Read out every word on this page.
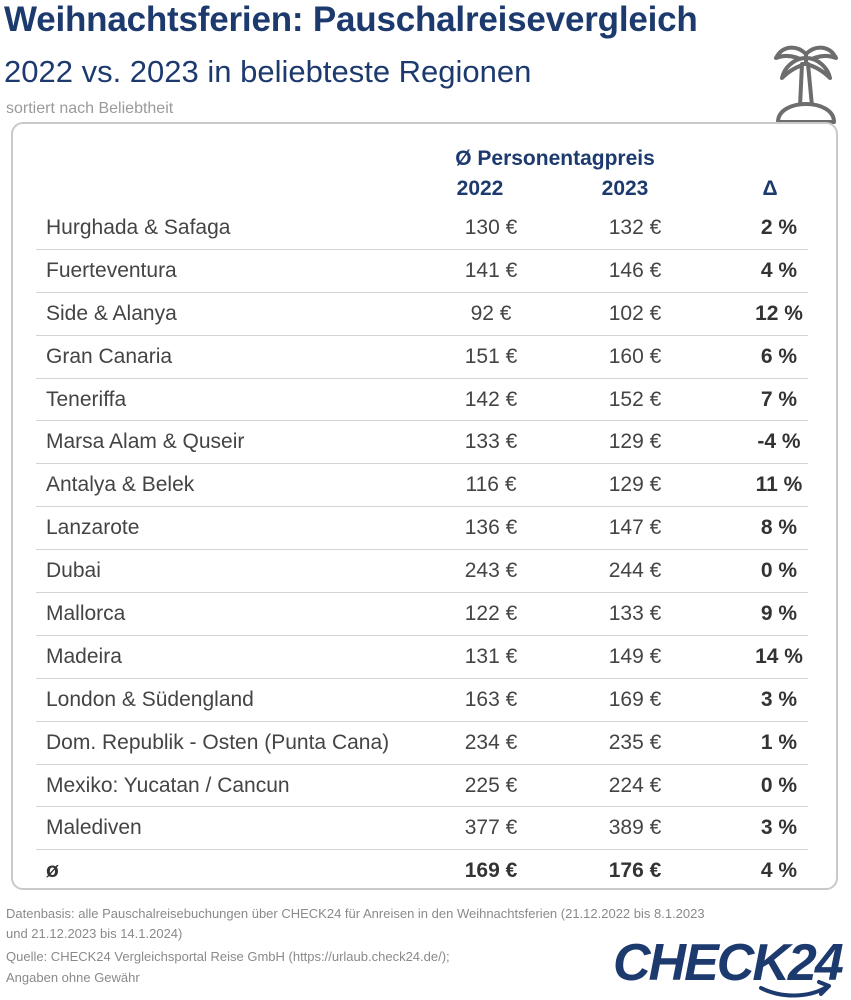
Weihnachtsferien: Pauschalreisevergleich
2022 vs. 2023 in beliebteste Regionen
sortiert nach Beliebtheit
Ø Personentagpreis
2022	2023	Δ
Hurghada & Safaga	130 €	132 €	2 %
Fuerteventura	141 €	146 €	4 %
Side & Alanya	92 €	102 €	12 %
Gran Canaria	151 €	160 €	6 %
Teneriffa	142 €	152 €	7 %
Marsa Alam & Quseir	133 €	129 €	-4 %
Antalya & Belek	116 €	129 €	11 %
Lanzarote	136 €	147 €	8 %
Dubai	243 €	244 €	0 %
Mallorca	122 €	133 €	9 %
Madeira	131 €	149 €	14 %
London & Südengland	163 €	169 €	3 %
Dom. Republik - Osten (Punta Cana)	234 €	235 €	1 %
Mexiko: Yucatan / Cancun	225 €	224 €	0 %
Malediven	377 €	389 €	3 %
ø	169 €	176 €	4 %
Datenbasis: alle Pauschalreisebuchungen über CHECK24 für Anreisen in den Weihnachtsferien (21.12.2022 bis 8.1.2023
und 21.12.2023 bis 14.1.2024)
Quelle: CHECK24 Vergleichsportal Reise GmbH (https://urlaub.check24.de/);
Angaben ohne Gewähr	CHECK24
